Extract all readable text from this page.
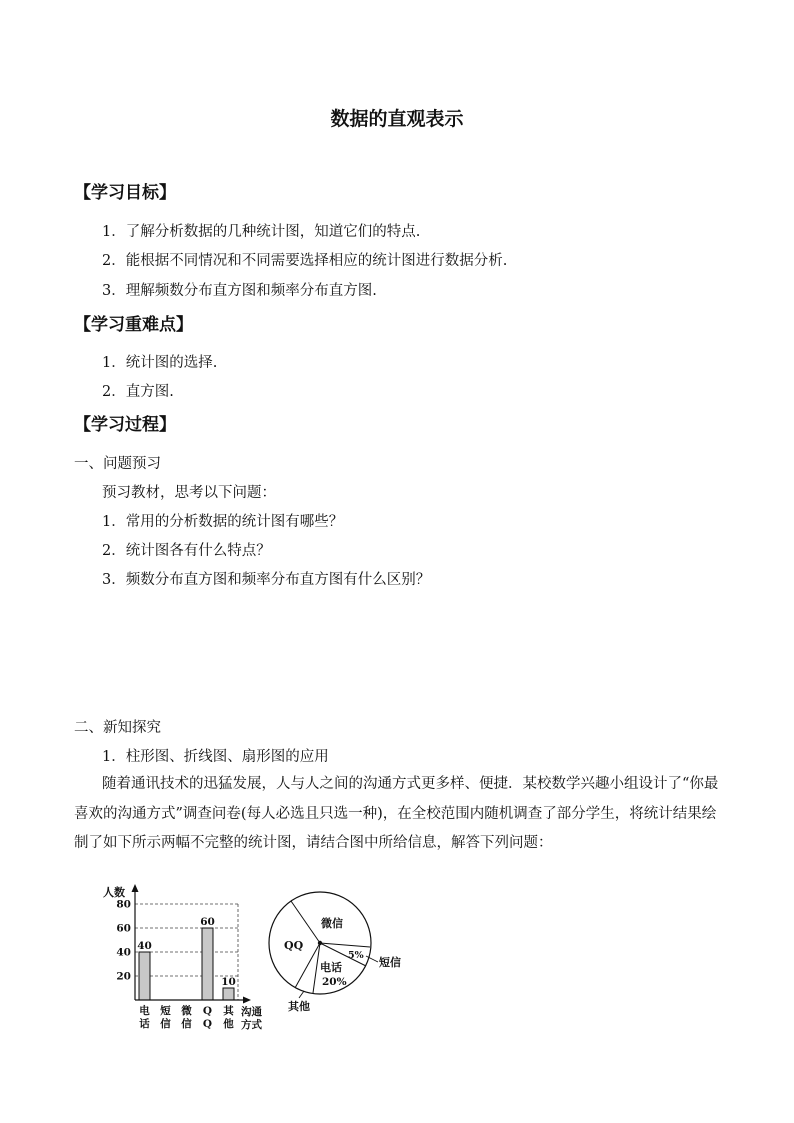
数据的直观表示
【学习目标】
1．了解分析数据的几种统计图，知道它们的特点.
2．能根据不同情况和不同需要选择相应的统计图进行数据分析.
3．理解频数分布直方图和频率分布直方图.
【学习重难点】
1．统计图的选择.
2．直方图.
【学习过程】
一、问题预习
预习教材，思考以下问题：
1．常用的分析数据的统计图有哪些？
2．统计图各有什么特点？
3．频数分布直方图和频率分布直方图有什么区别？
二、新知探究
1．柱形图、折线图、扇形图的应用
随着通讯技术的迅猛发展，人与人之间的沟通方式更多样、便捷．某校数学兴趣小组设计了“你最喜欢的沟通方式”调查问卷(每人必选且只选一种)，在全校范围内随机调查了部分学生，将统计结果绘制了如下所示两幅不完整的统计图，请结合图中所给信息，解答下列问题：
人数
20
40
60
80
40
60
10
电
话
短
信
微
信
Q
Q
其
他
沟通
方式
微信
QQ
电话
20%
5%
短信
其他
